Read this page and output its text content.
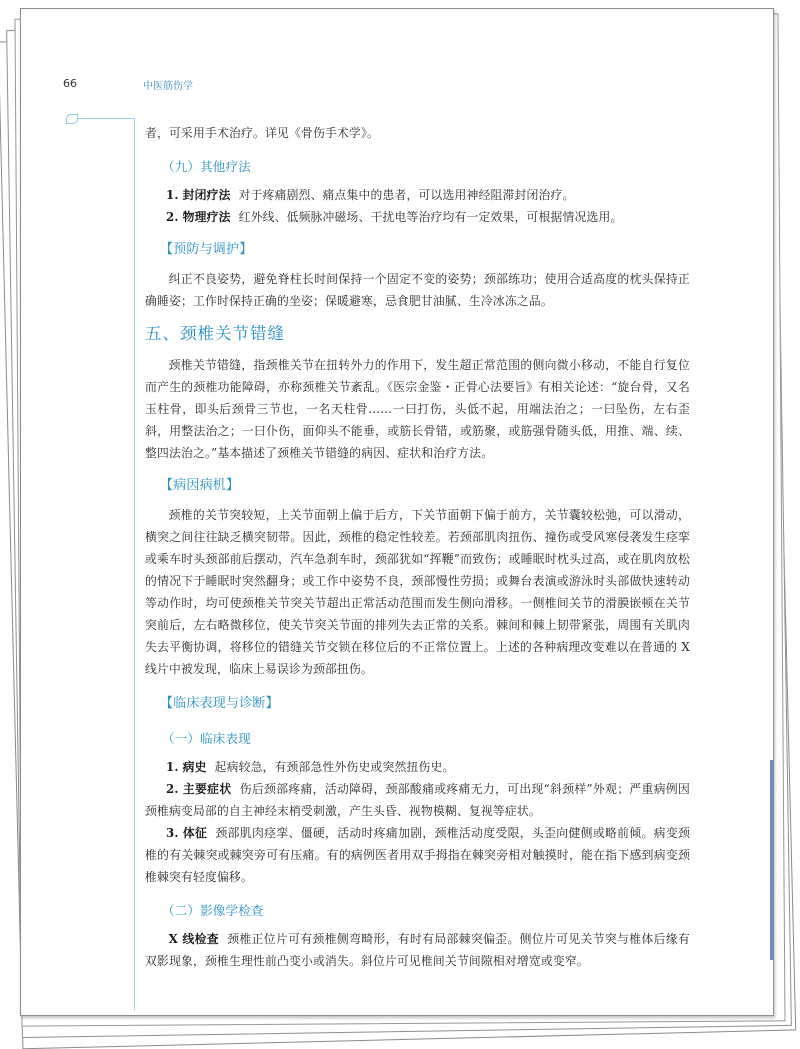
66	中医筋伤学

者，可采用手术治疗。详见《骨伤手术学》。

（九）其他疗法

1. 封闭疗法 对于疼痛剧烈、痛点集中的患者，可以选用神经阻滞封闭治疗。

2. 物理疗法 红外线、低频脉冲磁场、干扰电等治疗均有一定效果，可根据情况选用。

【预防与调护】

纠正不良姿势，避免脊柱长时间保持一个固定不变的姿势；颈部练功；使用合适高度的枕头保持正确睡姿；工作时保持正确的坐姿；保暖避寒，忌食肥甘油腻、生冷冰冻之品。

五、颈椎关节错缝

颈椎关节错缝，指颈椎关节在扭转外力的作用下，发生超正常范围的侧向微小移动，不能自行复位而产生的颈椎功能障碍，亦称颈椎关节紊乱。《医宗金鉴・正骨心法要旨》有相关论述：“旋台骨，又名玉柱骨，即头后颈骨三节也，一名天柱骨……一曰打伤，头低不起，用端法治之；一曰坠伤，左右歪斜，用整法治之；一曰仆伤，面仰头不能垂，或筋长骨错，或筋聚，或筋强骨随头低，用推、端、续、整四法治之。”基本描述了颈椎关节错缝的病因、症状和治疗方法。

【病因病机】

颈椎的关节突较短，上关节面朝上偏于后方，下关节面朝下偏于前方，关节囊较松弛，可以滑动，横突之间往往缺乏横突韧带。因此，颈椎的稳定性较差。若颈部肌肉扭伤、撞伤或受风寒侵袭发生痉挛或乘车时头颈部前后摆动，汽车急刹车时，颈部犹如“挥鞭”而致伤；或睡眠时枕头过高，或在肌肉放松的情况下于睡眠时突然翻身；或工作中姿势不良，颈部慢性劳损；或舞台表演或游泳时头部做快速转动等动作时，均可使颈椎关节突关节超出正常活动范围而发生侧向滑移。一侧椎间关节的滑膜嵌顿在关节突前后，左右略微移位，使关节突关节面的排列失去正常的关系。棘间和棘上韧带紧张，周围有关肌肉失去平衡协调，将移位的错缝关节交锁在移位后的不正常位置上。上述的各种病理改变难以在普通的 X 线片中被发现，临床上易误诊为颈部扭伤。

【临床表现与诊断】
（一）临床表现

1. 病史 起病较急，有颈部急性外伤史或突然扭伤史。

2. 主要症状 伤后颈部疼痛，活动障碍，颈部酸痛或疼痛无力，可出现“斜颈样”外观；严重病例因颈椎病变局部的自主神经末梢受刺激，产生头昏、视物模糊、复视等症状。

3. 体征 颈部肌肉痉挛、僵硬，活动时疼痛加剧，颈椎活动度受限，头歪向健侧或略前倾。病变颈椎的有关棘突或棘突旁可有压痛。有的病例医者用双手拇指在棘突旁相对触摸时，能在指下感到病变颈椎棘突有轻度偏移。

（二）影像学检查

X 线检查 颈椎正位片可有颈椎侧弯畸形，有时有局部棘突偏歪。侧位片可见关节突与椎体后缘有双影现象，颈椎生理性前凸变小或消失。斜位片可见椎间关节间隙相对增宽或变窄。
